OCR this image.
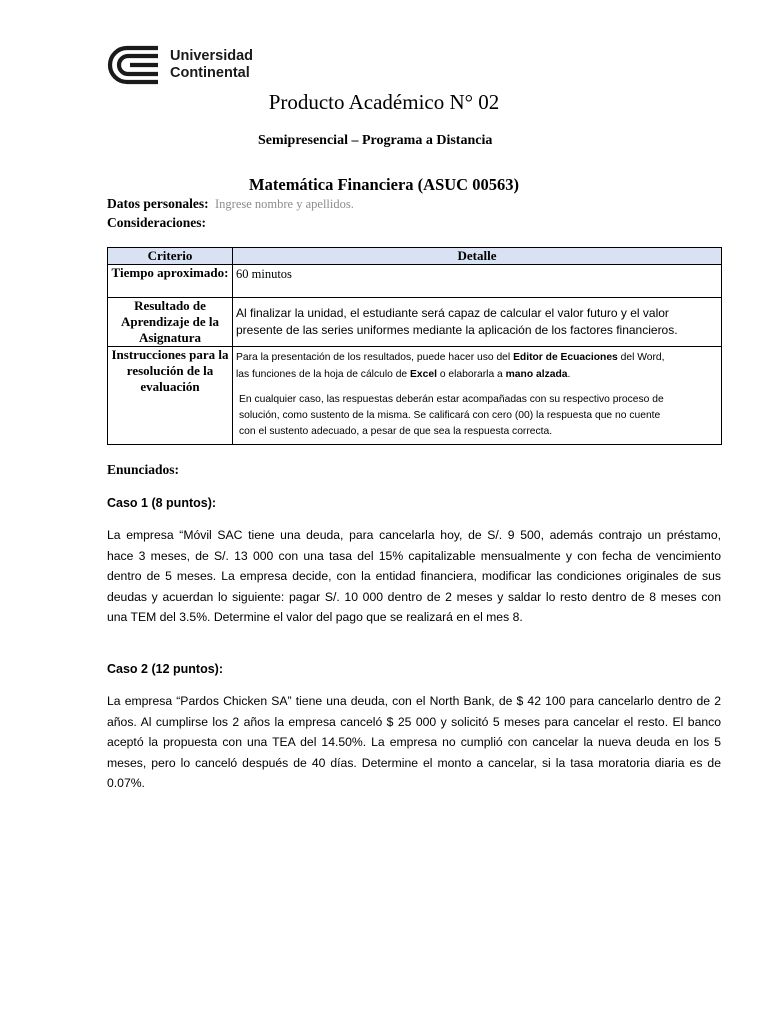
Universidad
Continental
Producto Académico N° 02
Semipresencial – Programa a Distancia
Matemática Financiera (ASUC 00563)
Datos personales: Ingrese nombre y apellidos.
Consideraciones:
Criterio	Detalle
Tiempo aproximado:	60 minutos
Resultado de Aprendizaje de la Asignatura	Al finalizar la unidad, el estudiante será capaz de calcular el valor futuro y el valor
presente de las series uniformes mediante la aplicación de los factores financieros.

Instrucciones para la resolución de la evaluación	Para la presentación de los resultados, puede hacer uso del Editor de Ecuaciones del Word,
las funciones de la hoja de cálculo de Excel o elaborarla a mano alzada.
En cualquier caso, las respuestas deberán estar acompañadas con su respectivo proceso de
solución, como sustento de la misma. Se calificará con cero (00) la respuesta que no cuente
con el sustento adecuado, a pesar de que sea la respuesta correcta.
Enunciados:
Caso 1 (8 puntos):
La empresa “Móvil SAC tiene una deuda, para cancelarla hoy, de S/. 9 500, además contrajo un préstamo,
hace 3 meses, de S/. 13 000 con una tasa del 15% capitalizable mensualmente y con fecha de vencimiento
dentro de 5 meses. La empresa decide, con la entidad financiera, modificar las condiciones originales de sus
deudas y acuerdan lo siguiente: pagar S/. 10 000 dentro de 2 meses y saldar lo resto dentro de 8 meses con
una TEM del 3.5%. Determine el valor del pago que se realizará en el mes 8.
Caso 2 (12 puntos):
La empresa “Pardos Chicken SA” tiene una deuda, con el North Bank, de $ 42 100 para cancelarlo dentro de 2
años. Al cumplirse los 2 años la empresa canceló $ 25 000 y solicitó 5 meses para cancelar el resto. El banco
aceptó la propuesta con una TEA del 14.50%. La empresa no cumplió con cancelar la nueva deuda en los 5
meses, pero lo canceló después de 40 días. Determine el monto a cancelar, si la tasa moratoria diaria es de
0.07%.
